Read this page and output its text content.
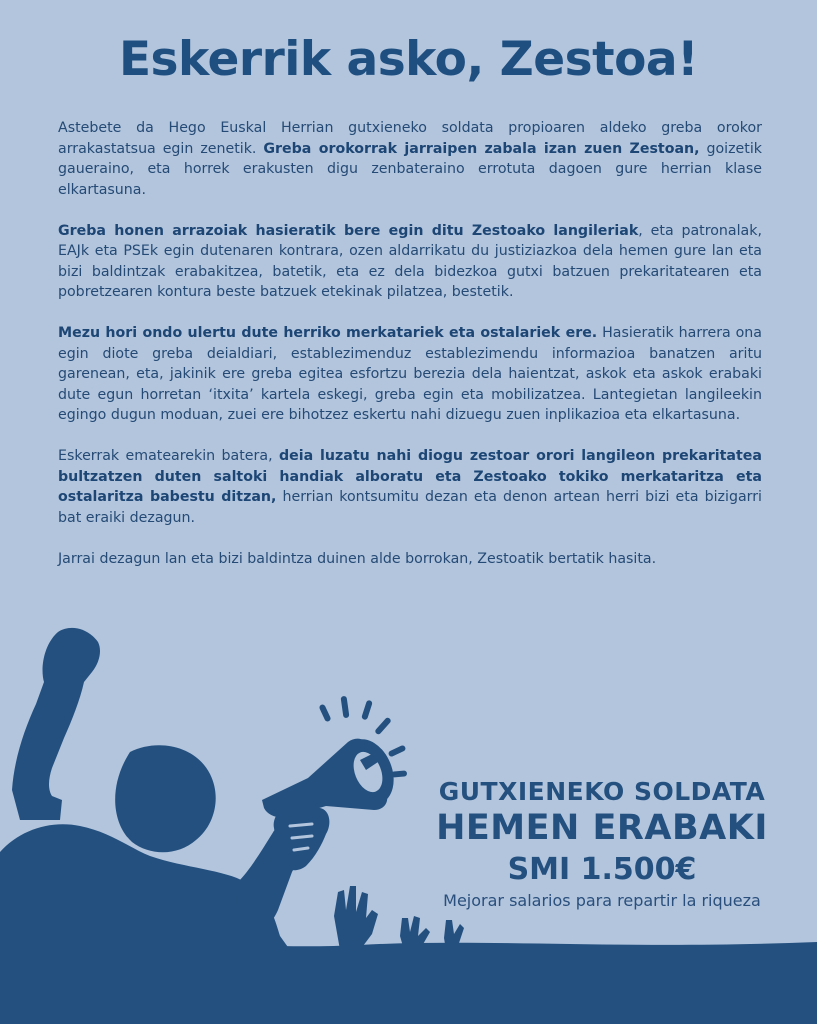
Eskerrik asko, Zestoa!

Astebete da Hego Euskal Herrian gutxieneko soldata propioaren aldeko greba orokor arrakastatsua egin zenetik. Greba orokorrak jarraipen zabala izan zuen Zestoan, goizetik gaueraino, eta horrek erakusten digu zenbateraino errotuta dagoen gure herrian klase elkartasuna.

Greba honen arrazoiak hasieratik bere egin ditu Zestoako langileriak, eta patronalak, EAJk eta PSEk egin dutenaren kontrara, ozen aldarrikatu du justiziazkoa dela hemen gure lan eta bizi baldintzak erabakitzea, batetik, eta ez dela bidezkoa gutxi batzuen prekaritatearen eta pobretzearen kontura beste batzuek etekinak pilatzea, bestetik.

Mezu hori ondo ulertu dute herriko merkatariek eta ostalariek ere. Hasieratik harrera ona egin diote greba deialdiari, establezimenduz establezimendu informazioa banatzen aritu garenean, eta, jakinik ere greba egitea esfortzu berezia dela haientzat, askok eta askok erabaki dute egun horretan ‘itxita’ kartela eskegi, greba egin eta mobilizatzea. Lantegietan langileekin egingo dugun moduan, zuei ere bihotzez eskertu nahi dizuegu zuen inplikazioa eta elkartasuna.

Eskerrak ematearekin batera, deia luzatu nahi diogu zestoar orori langileon prekaritatea bultzatzen duten saltoki handiak alboratu eta Zestoako tokiko merkataritza eta ostalaritza babestu ditzan, herrian kontsumitu dezan eta denon artean herri bizi eta bizigarri bat eraiki dezagun.

Jarrai dezagun lan eta bizi baldintza duinen alde borrokan, Zestoatik bertatik hasita.

GUTXIENEKO SOLDATA
HEMEN ERABAKI
SMI 1.500€
Mejorar salarios para repartir la riqueza
